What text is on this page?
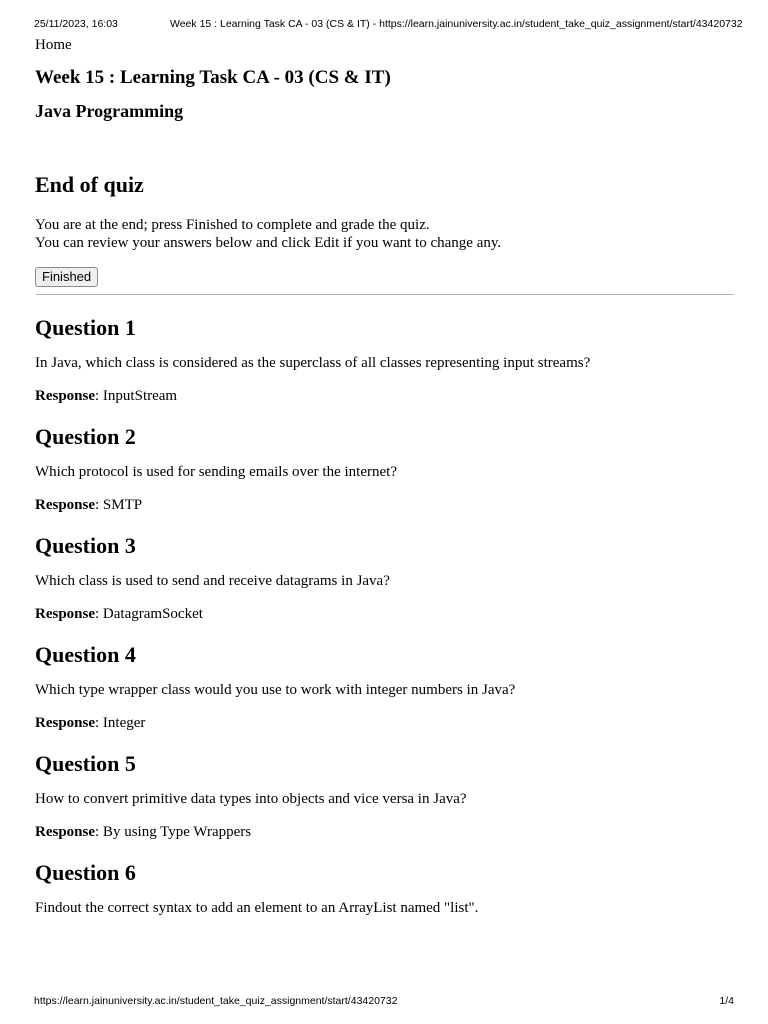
25/11/2023, 16:03	Week 15 : Learning Task CA - 03 (CS & IT) - https://learn.jainuniversity.ac.in/student_take_quiz_assignment/start/43420732
Home
Week 15 : Learning Task CA - 03 (CS & IT)
Java Programming
End of quiz
You are at the end; press Finished to complete and grade the quiz.
You can review your answers below and click Edit if you want to change any.
Finished
Question 1

In Java, which class is considered as the superclass of all classes representing input streams?

Response: InputStream

Question 2

Which protocol is used for sending emails over the internet?

Response: SMTP

Question 3

Which class is used to send and receive datagrams in Java?

Response: DatagramSocket

Question 4

Which type wrapper class would you use to work with integer numbers in Java?

Response: Integer

Question 5

How to convert primitive data types into objects and vice versa in Java?

Response: By using Type Wrappers

Question 6

Findout the correct syntax to add an element to an ArrayList named "list".

https://learn.jainuniversity.ac.in/student_take_quiz_assignment/start/43420732	1/4
